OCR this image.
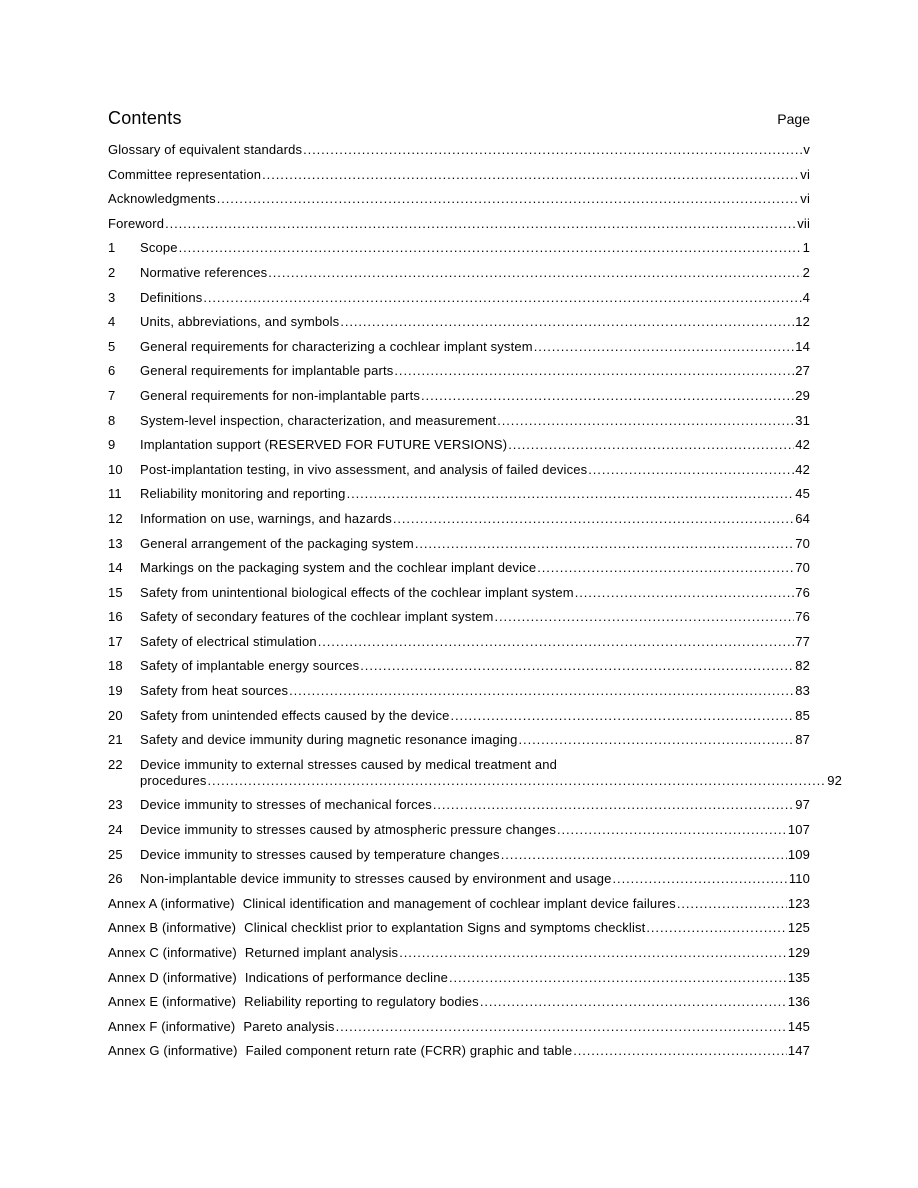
Contents	Page
Glossary of equivalent standards .....	v
Committee representation .....	vi
Acknowledgments .....	vi
Foreword .....	vii
1	Scope .....	1
2	Normative references .....	2
3	Definitions .....	4
4	Units, abbreviations, and symbols .....	12
5	General requirements for characterizing a cochlear implant system .....	14
6	General requirements for implantable parts .....	27
7	General requirements for non-implantable parts .....	29
8	System-level inspection, characterization, and measurement .....	31
9	Implantation support (RESERVED FOR FUTURE VERSIONS) .....	42
10	Post-implantation testing, in vivo assessment, and analysis of failed devices .....	42
11	Reliability monitoring and reporting .....	45
12	Information on use, warnings, and hazards .....	64
13	General arrangement of the packaging system .....	70
14	Markings on the packaging system and the cochlear implant device .....	70
15	Safety from unintentional biological effects of the cochlear implant system .....	76
16	Safety of secondary features of the cochlear implant system .....	76
17	Safety of electrical stimulation .....	77
18	Safety of implantable energy sources .....	82
19	Safety from heat sources .....	83
20	Safety from unintended effects caused by the device .....	85
21	Safety and device immunity during magnetic resonance imaging .....	87
22	Device immunity to external stresses caused by medical treatment and
procedures .....	92
23	Device immunity to stresses of mechanical forces .....	97
24	Device immunity to stresses caused by atmospheric pressure changes .....	107
25	Device immunity to stresses caused by temperature changes .....	109
26	Non-implantable device immunity to stresses caused by environment and usage .....	110
Annex A (informative) Clinical identification and management of cochlear implant device failures .....	123
Annex B (informative) Clinical checklist prior to explantation Signs and symptoms checklist .....	125
Annex C (informative) Returned implant analysis .....	129
Annex D (informative) Indications of performance decline .....	135
Annex E (informative) Reliability reporting to regulatory bodies .....	136
Annex F (informative) Pareto analysis .....	145
Annex G (informative) Failed component return rate (FCRR) graphic and table .....	147
